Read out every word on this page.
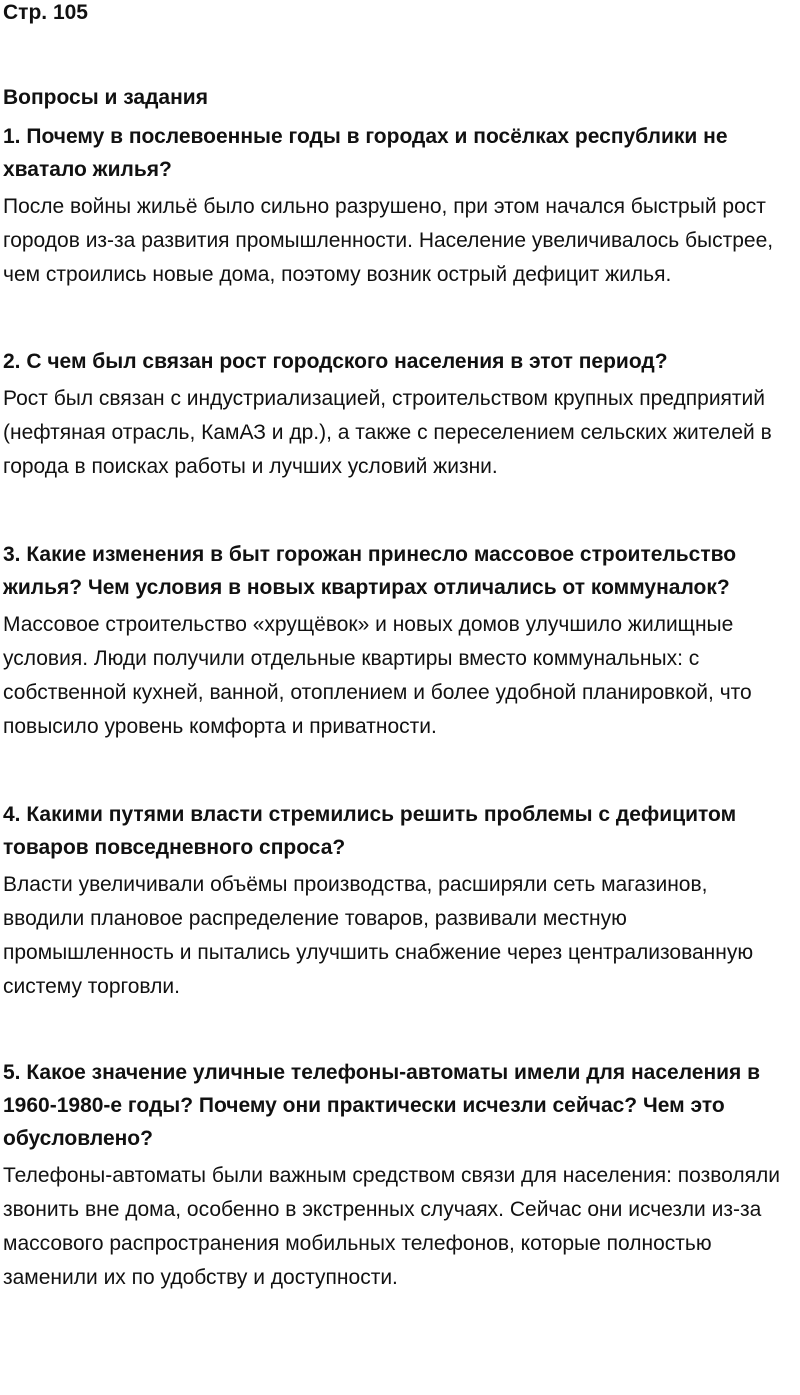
Стр. 105

Вопросы и задания

1. Почему в послевоенные годы в городах и посёлках республики не хватало жилья?

После войны жильё было сильно разрушено, при этом начался быстрый рост городов из-за развития промышленности. Население увеличивалось быстрее, чем строились новые дома, поэтому возник острый дефицит жилья.

2. С чем был связан рост городского населения в этот период?

Рост был связан с индустриализацией, строительством крупных предприятий (нефтяная отрасль, КамАЗ и др.), а также с переселением сельских жителей в города в поисках работы и лучших условий жизни.

3. Какие изменения в быт горожан принесло массовое строительство жилья? Чем условия в новых квартирах отличались от коммуналок?

Массовое строительство «хрущёвок» и новых домов улучшило жилищные условия. Люди получили отдельные квартиры вместо коммунальных: с собственной кухней, ванной, отоплением и более удобной планировкой, что повысило уровень комфорта и приватности.

4. Какими путями власти стремились решить проблемы с дефицитом товаров повседневного спроса?

Власти увеличивали объёмы производства, расширяли сеть магазинов, вводили плановое распределение товаров, развивали местную промышленность и пытались улучшить снабжение через централизованную систему торговли.

5. Какое значение уличные телефоны-автоматы имели для населения в 1960-1980-е годы? Почему они практически исчезли сейчас? Чем это обусловлено?

Телефоны-автоматы были важным средством связи для населения: позволяли звонить вне дома, особенно в экстренных случаях. Сейчас они исчезли из-за массового распространения мобильных телефонов, которые полностью заменили их по удобству и доступности.
